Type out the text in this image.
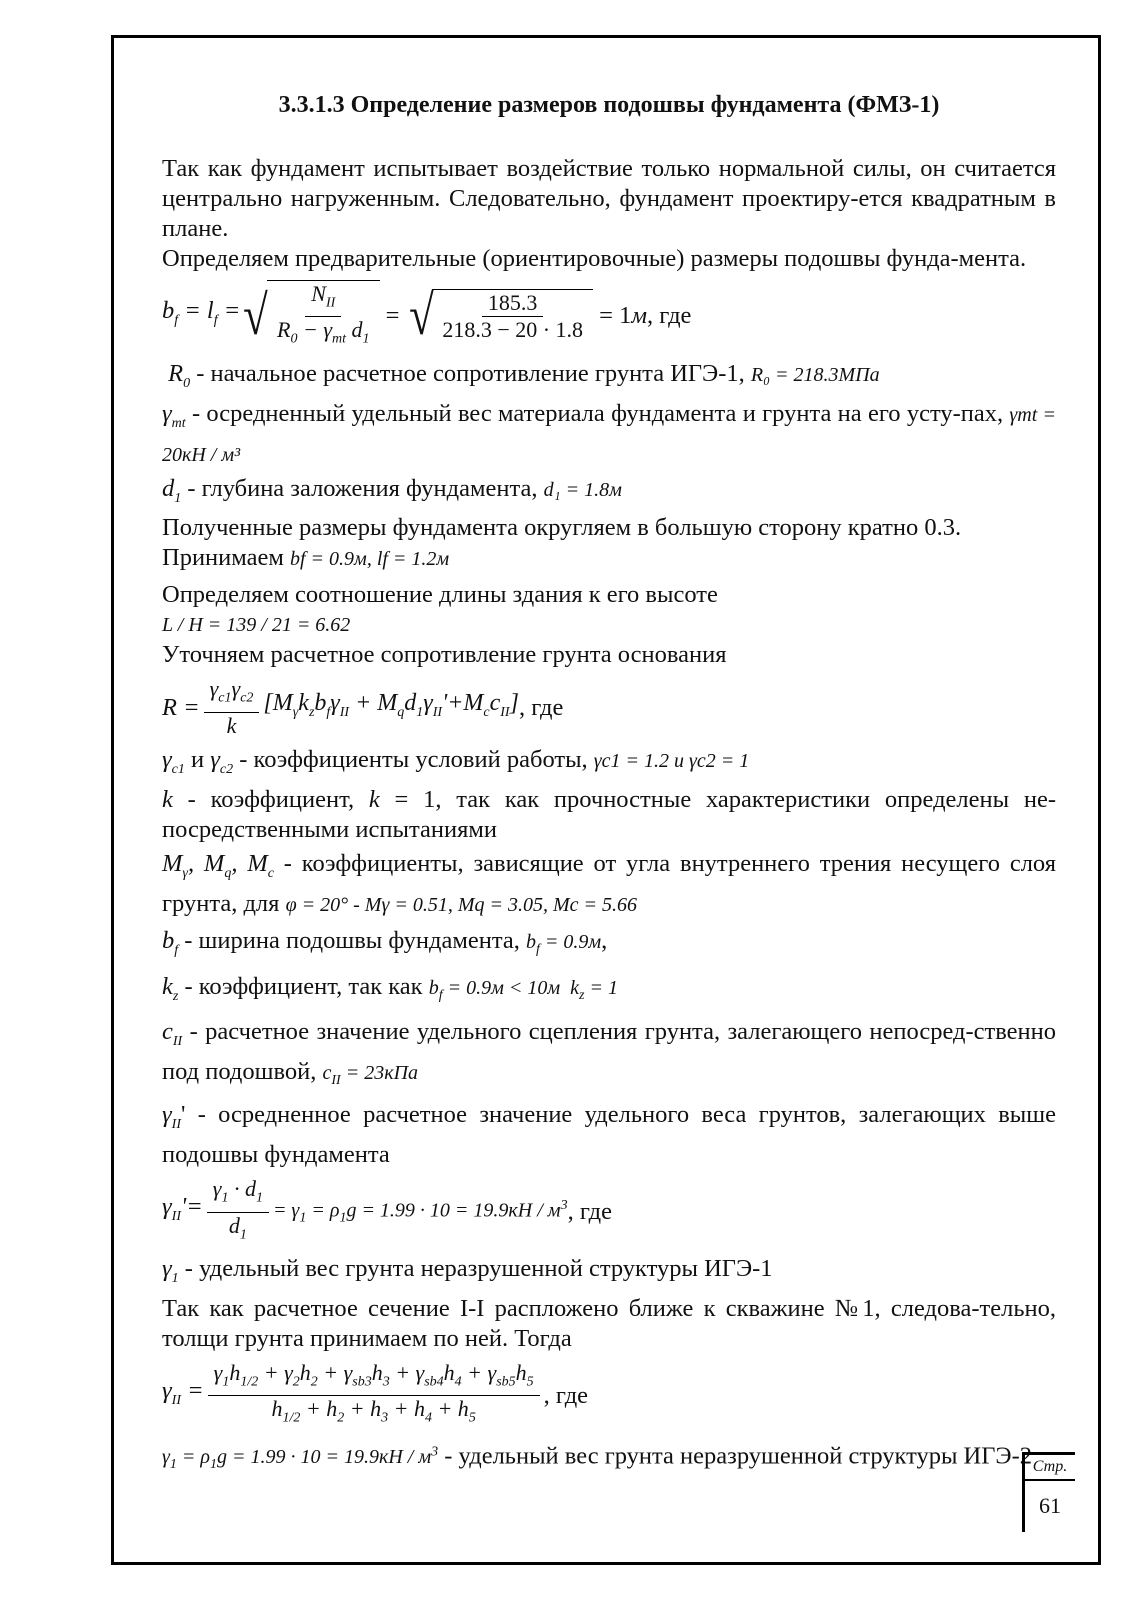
3.3.1.3 Определение размеров подошвы фундамента (ФМЗ-1)

Так как фундамент испытывает воздействие только нормальной силы, он считается центрально нагруженным. Следовательно, фундамент проектиру-ется квадратным в плане.

Определяем предварительные (ориентировочные) размеры подошвы фунда-мента.

$b_f = l_f$ = √ $\frac{N_{II}}{R_0 - \gamma_{mt} d_1}$ = √ $\frac{185.3}{218.3 - 20 \cdot 1.8} = 1м$ , где

$R_0$ - начальное расчетное сопротивление грунта ИГЭ-1, R₀ = 218.3МПа

$\gamma_{mt}$ - осредненный удельный вес материала фундамента и грунта на его усту-пах, γmt = 20кН / м³

$d_1$ - глубина заложения фундамента, d₁ = 1.8м

Полученные размеры фундамента округляем в большую сторону кратно 0.3.

Принимаем bf = 0.9м, lf = 1.2м

Определяем соотношение длины здания к его высоте

L / H = 139 / 21 = 6.62

Уточняем расчетное сопротивление грунта основания

$R = \frac{\gamma_{c1}\gamma_{c2}}{k} [M_\gamma k_zb_f\gamma_{II} + M_qd_1\gamma_{II}'+M_cc_{II}]$ , где

$\gamma_{c1}$ и $\gamma_{c2}$ - коэффициенты условий работы, γc1 = 1.2 и γc2 = 1

k - коэффициент, k = 1, так как прочностные характеристики определены не-посредственными испытаниями

$M_\gamma$, $M_q$, $M_c$ - коэффициенты, зависящие от угла внутреннего трения несущего слоя грунта, для φ = 20° - Mγ = 0.51, Mq = 3.05, Mc = 5.66

$b_f$ - ширина подошвы фундамента, $b_f = 0.9м$,

$k_z$ - коэффициент, так как $b_f = 0.9м < 10м$  $k_z = 1$

$c_{II}$ - расчетное значение удельного сцепления грунта, залегающего непосред-ственно под подошвой, $c_{II} = 23кПа$

$\gamma_{II}'$ - осредненное расчетное значение удельного веса грунтов, залегающих выше подошвы фундамента

$\gamma_{II}'= \frac{\gamma_1 \cdot d_1}{d_1} = \gamma_1 = \rho_1g = 1.99 \cdot 10 = 19.9кН / м^3$ , где

$\gamma_1$ - удельный вес грунта неразрушенной структуры ИГЭ-1

Так как расчетное сечение I-I распложено ближе к скважине №1, следова-тельно, толщи грунта принимаем по ней. Тогда

$\gamma_{II} = \frac{\gamma_1h_{1/2} + \gamma_2h_2 + \gamma_{sb3}h_3 + \gamma_{sb4}h_4 + \gamma_{sb5}h_5}{h_{1/2} + h_2 + h_3 + h_4 + h_5}$ , где

$\gamma_1 = \rho_1g = 1.99 \cdot 10 = 19.9кН / м^3$ - удельный вес грунта неразрушенной структуры ИГЭ-2 Стр.
61
